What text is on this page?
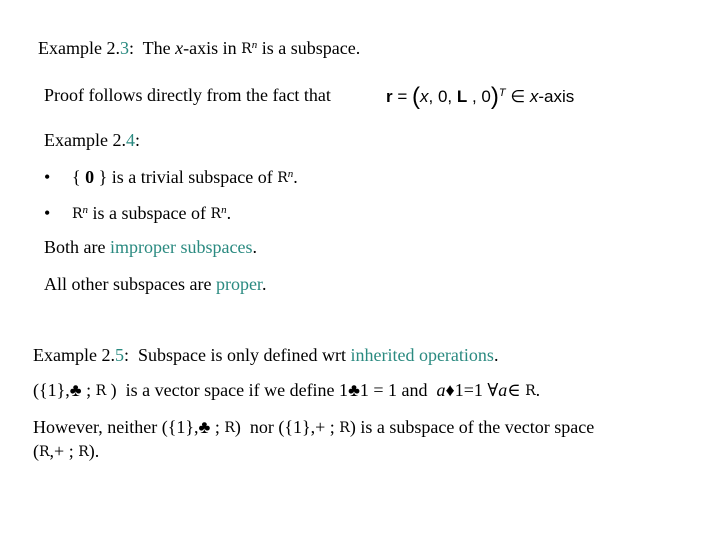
Example 2.3:  The x-axis in $R^n$ is a subspace.
Proof follows directly from the fact that	r = (x, 0, L , 0)$^T$ ∈ x-axis
Example 2.4:
• { 0 } is a trivial subspace of $R^n$.
• $R^n$ is a subspace of $R^n$.
Both are improper subspaces.
All other subspaces are proper.
Example 2.5:  Subspace is only defined wrt inherited operations.
({1},♣ ; R )  is a vector space if we define 1♣1 = 1 and  a♦1=1 ∀a∈ R.
However, neither ({1},♣ ; R)  nor ({1},+ ; R) is a subspace of the vector space
(R,+ ; R).
